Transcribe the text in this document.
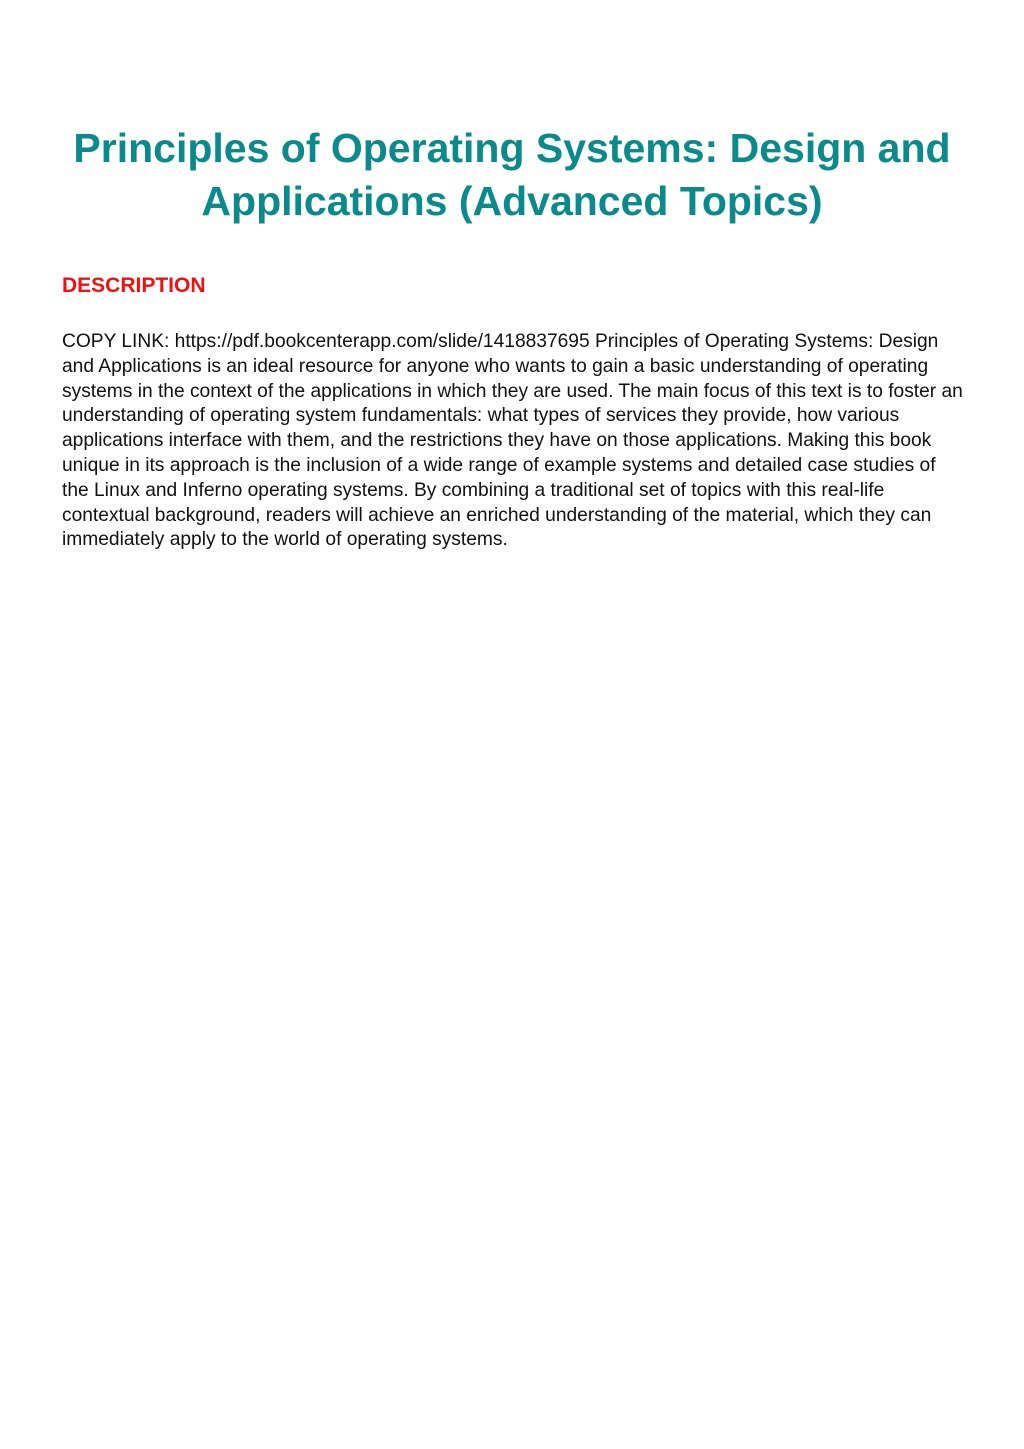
Principles of Operating Systems: Design and Applications (Advanced Topics)
DESCRIPTION

COPY LINK: https://pdf.bookcenterapp.com/slide/1418837695 Principles of Operating Systems: Design and Applications is an ideal resource for anyone who wants to gain a basic understanding of operating systems in the context of the applications in which they are used. The main focus of this text is to foster an understanding of operating system fundamentals: what types of services they provide, how various applications interface with them, and the restrictions they have on those applications. Making this book unique in its approach is the inclusion of a wide range of example systems and detailed case studies of the Linux and Inferno operating systems. By combining a traditional set of topics with this real-life contextual background, readers will achieve an enriched understanding of the material, which they can immediately apply to the world of operating systems.
